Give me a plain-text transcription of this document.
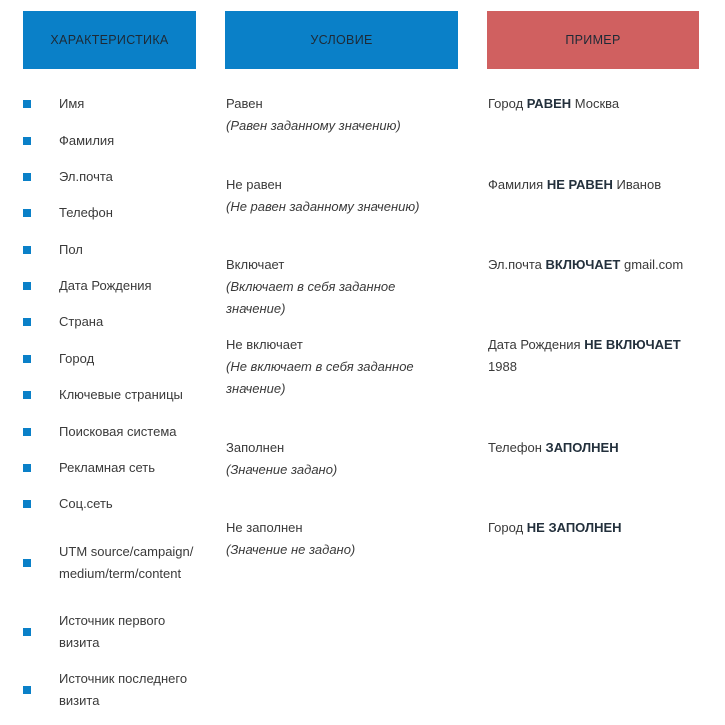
ХАРАКТЕРИСТИКА	УСЛОВИЕ	ПРИМЕР
Имя
Фамилия
Эл.почта
Телефон
Пол
Дата Рождения
Страна
Город
Ключевые страницы
Поисковая система
Рекламная сеть
Соц.сеть
UTM source/campaign/medium/term/content
Источник первого визита
Источник последнего визита
Равен
(Равен заданному значению)
Не равен
(Не равен заданному значению)
Включает
(Включает в себя заданное значение)
Не включает
(Не включает в себя заданное значение)
Заполнен
(Значение задано)
Не заполнен
(Значение не задано)
Город РАВЕН Москва
Фамилия НЕ РАВЕН Иванов
Эл.почта ВКЛЮЧАЕТ gmail.com
Дата Рождения НЕ ВКЛЮЧАЕТ 1988
Телефон ЗАПОЛНЕН
Город НЕ ЗАПОЛНЕН
